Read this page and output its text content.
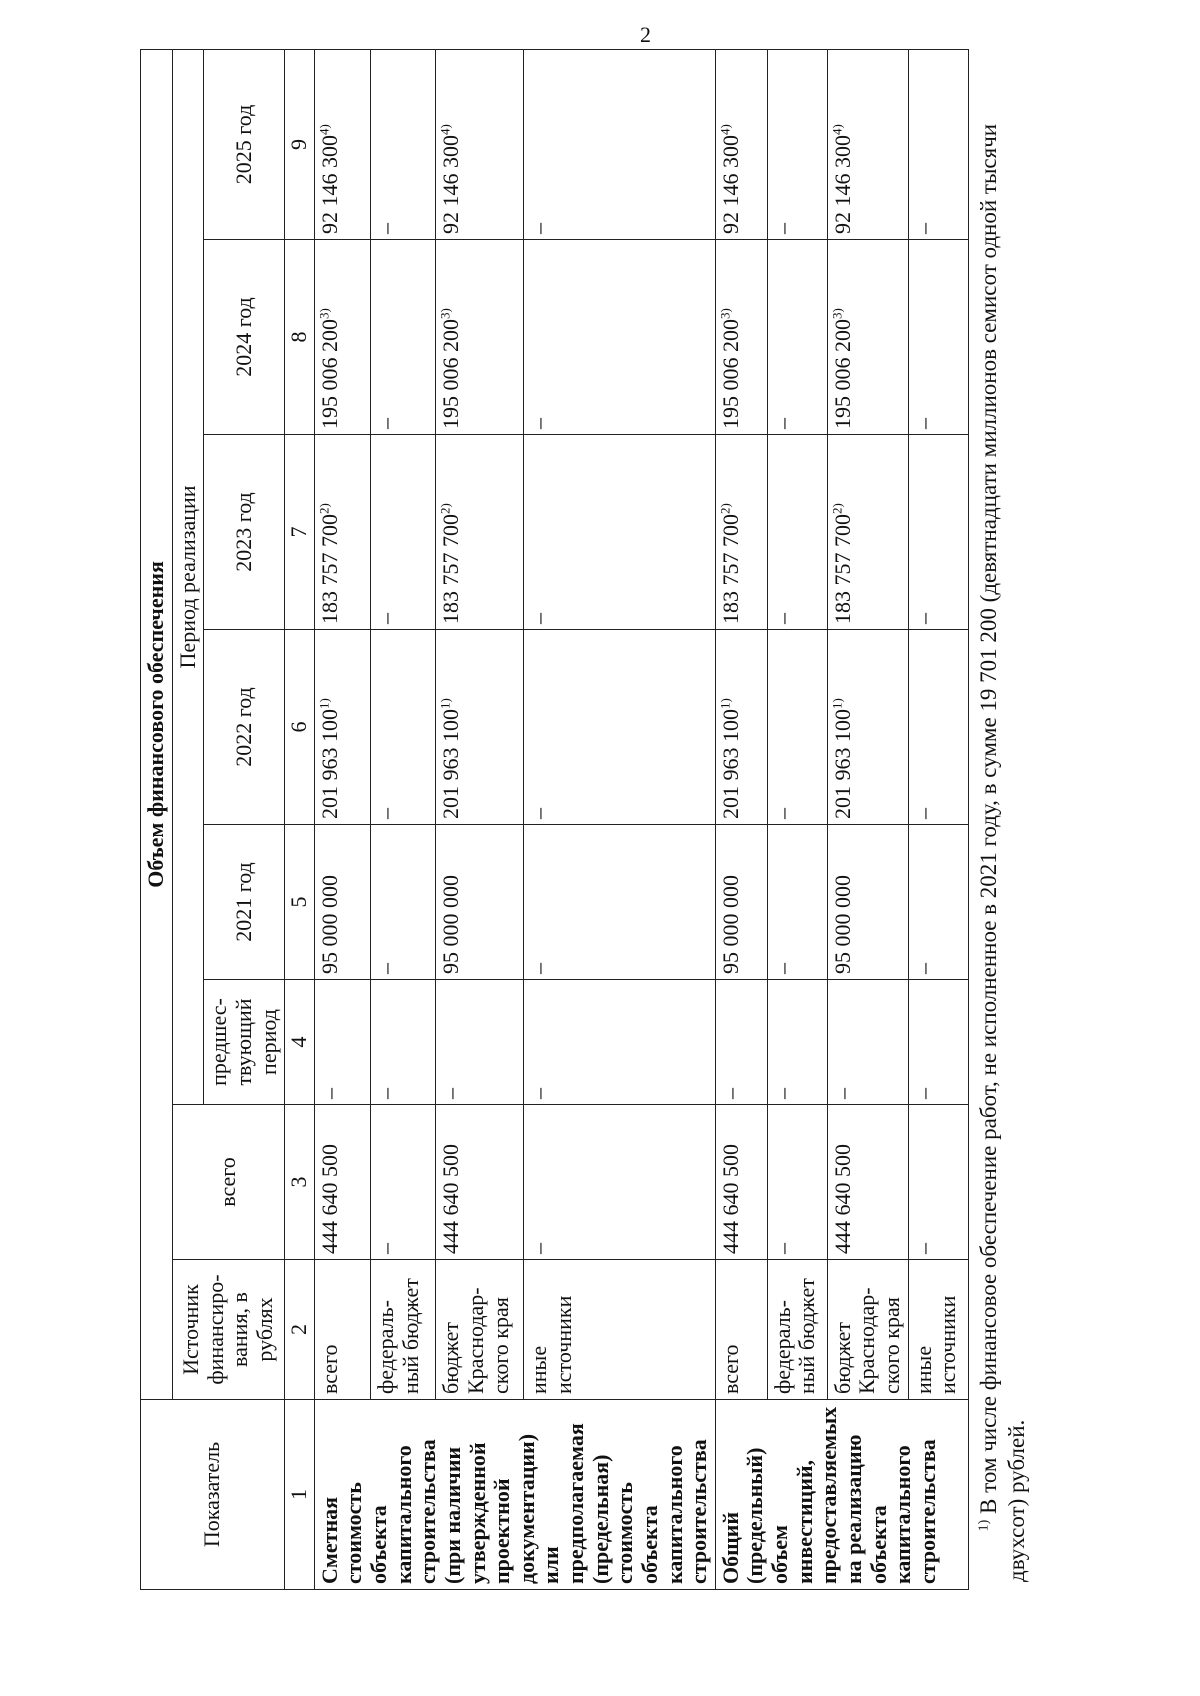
2
Показатель	Объем финансового обеспечения							
	Источник финансиро-вания, в рублях	всего	Период реализации					
			предшес-твующий период	2021 год	2022 год	2023 год	2024 год	2025 год
1	2	3	4	5	6	7	8	9
Сметная стоимость объекта капитального строительства (при наличии утвержденной проектной документации) или предполагаемая (предельная) стоимость объекта капитального строительства	всего	444 640 500	–	95 000 000	201 963 100$^{1)}$	183 757 700$^{2)}$	195 006 200$^{3)}$	92 146 300$^{4)}$
	федераль-ный бюджет	–	–	–	–	–	–	–
	бюджет Краснодар-ского края	444 640 500	–	95 000 000	201 963 100$^{1)}$	183 757 700$^{2)}$	195 006 200$^{3)}$	92 146 300$^{4)}$
	иные источники	–	–	–	–	–	–	–
Общий (предельный) объем инвестиций, предоставляемых на реализацию объекта капитального строительства	всего	444 640 500	–	95 000 000	201 963 100$^{1)}$	183 757 700$^{2)}$	195 006 200$^{3)}$	92 146 300$^{4)}$
	федераль-ный бюджет	–	–	–	–	–	–	–
	бюджет Краснодар-ского края	444 640 500	–	95 000 000	201 963 100$^{1)}$	183 757 700$^{2)}$	195 006 200$^{3)}$	92 146 300$^{4)}$
	иные источники	–	–	–	–	–	–	–
$^{1)}$ В том числе финансовое обеспечение работ, не исполненное в 2021 году, в сумме 19 701 200 (девятнадцати миллионов семисот одной тысячи двухсот) рублей.
